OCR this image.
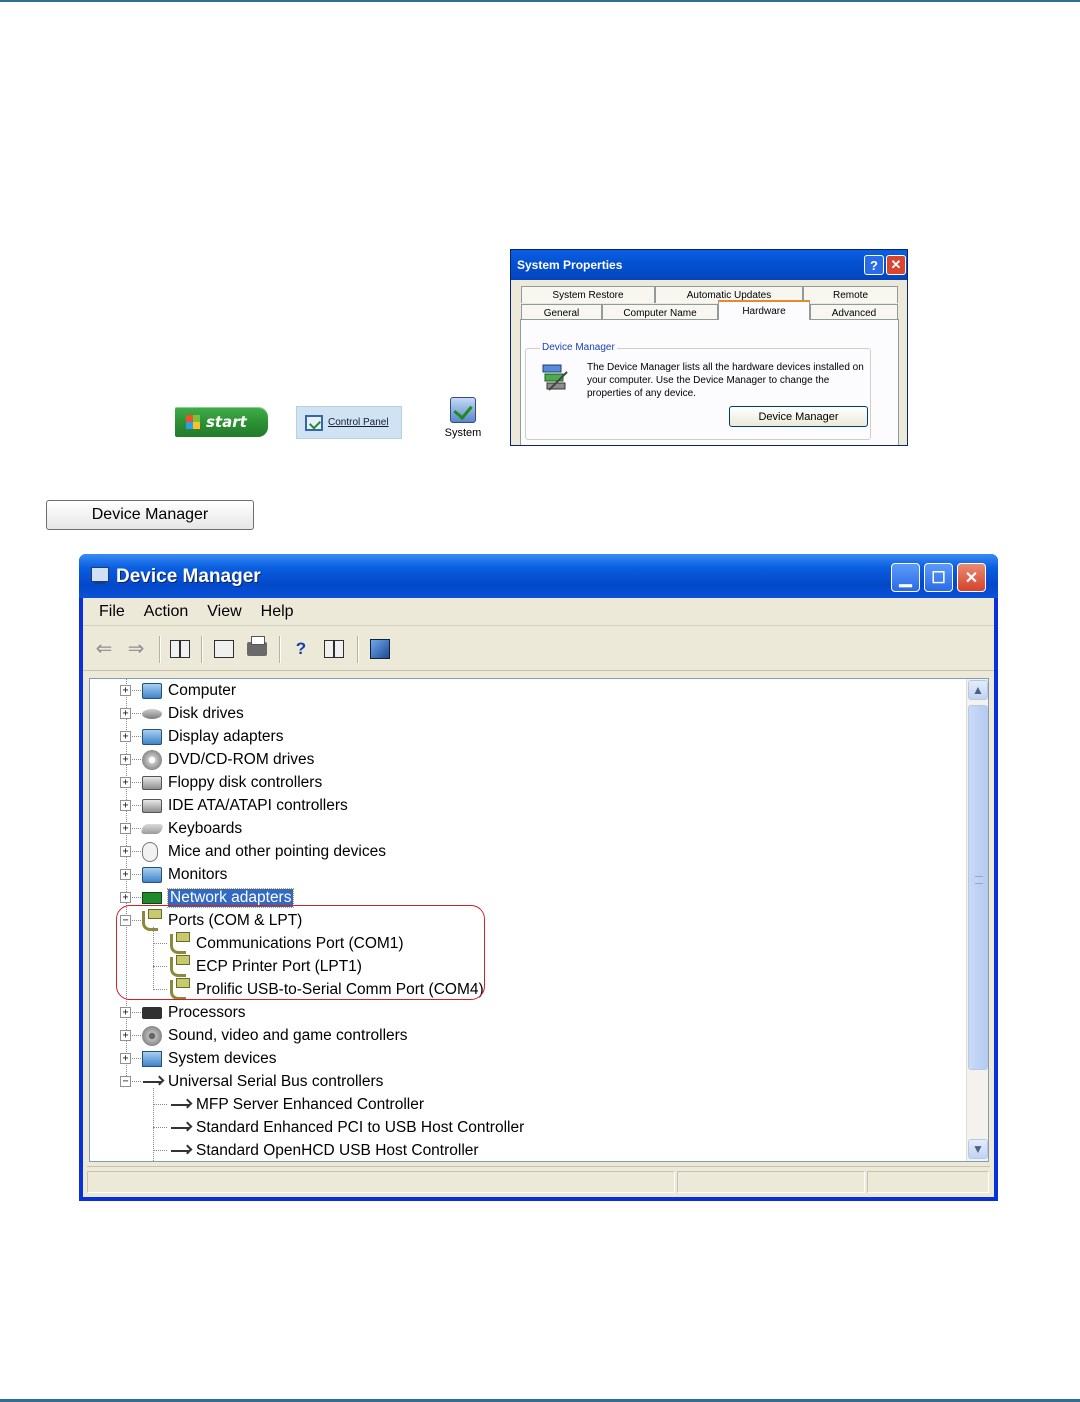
start	Control Panel
System
System Properties	? ✕
System Restore	Automatic Updates	Remote
General	Computer Name	Hardware	Advanced
Device Manager
The Device Manager lists all the hardware devices installed on your computer. Use the Device Manager to change the properties of any device.
Device Manager
Device Manager
Device Manager	▁	☐	✕
File Action View Help
⇐ ⇒	?
+	Computer
+	Disk drives
+	Display adapters
+	DVD/CD-ROM drives
+	Floppy disk controllers
+	IDE ATA/ATAPI controllers
+	Keyboards
+	Mice and other pointing devices
+	Monitors
+	Network adapters
−	Ports (COM & LPT)
Communications Port (COM1)
ECP Printer Port (LPT1)
Prolific USB-to-Serial Comm Port (COM4)
+	Processors
+	Sound, video and game controllers
+	System devices
−	Universal Serial Bus controllers
MFP Server Enhanced Controller
Standard Enhanced PCI to USB Host Controller
Standard OpenHCD USB Host Controller
▲
▼
